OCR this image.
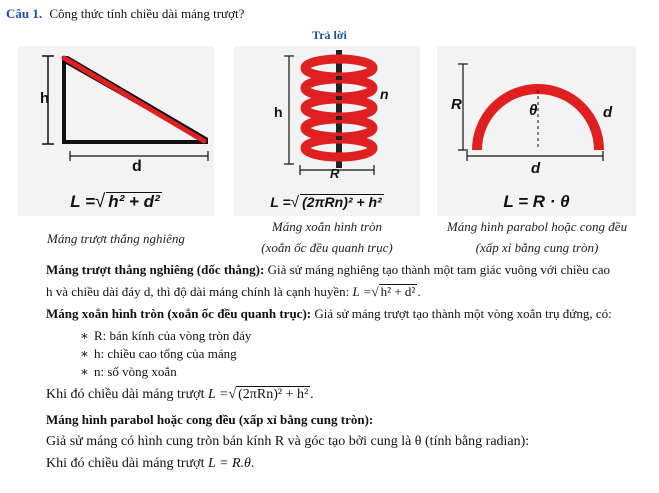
Câu 1. Công thức tính chiều dài máng trượt?
Trả lời
h
d
L =√ h² + d²
h
n
R
L =√ (2πRn)² + h²
R	θ	d
d
L = R · θ
Máng trượt thẳng nghiêng
Máng xoắn hình tròn
(xoắn ốc đều quanh trục)
Máng hình parabol hoặc cong đều
(xấp xỉ bằng cung tròn)
Máng trượt thẳng nghiêng (dốc thẳng): Giả sử máng nghiêng tạo thành một tam giác vuông với chiều cao
h và chiều dài đáy d, thì độ dài máng chính là cạnh huyền: L =√ h² + d² .
Máng xoắn hình tròn (xoắn ốc đều quanh trục): Giả sử máng trượt tạo thành một vòng xoắn trụ đứng, có:
∗ R: bán kính của vòng tròn đáy
∗ h: chiều cao tổng của máng
∗ n: số vòng xoắn
Khi đó chiều dài máng trượt L =√ (2πRn)² + h² .
Máng hình parabol hoặc cong đều (xấp xỉ bằng cung tròn):
Giả sử máng có hình cung tròn bán kính R và góc tạo bởi cung là θ (tính bằng radian):
Khi đó chiều dài máng trượt L = R.θ.
